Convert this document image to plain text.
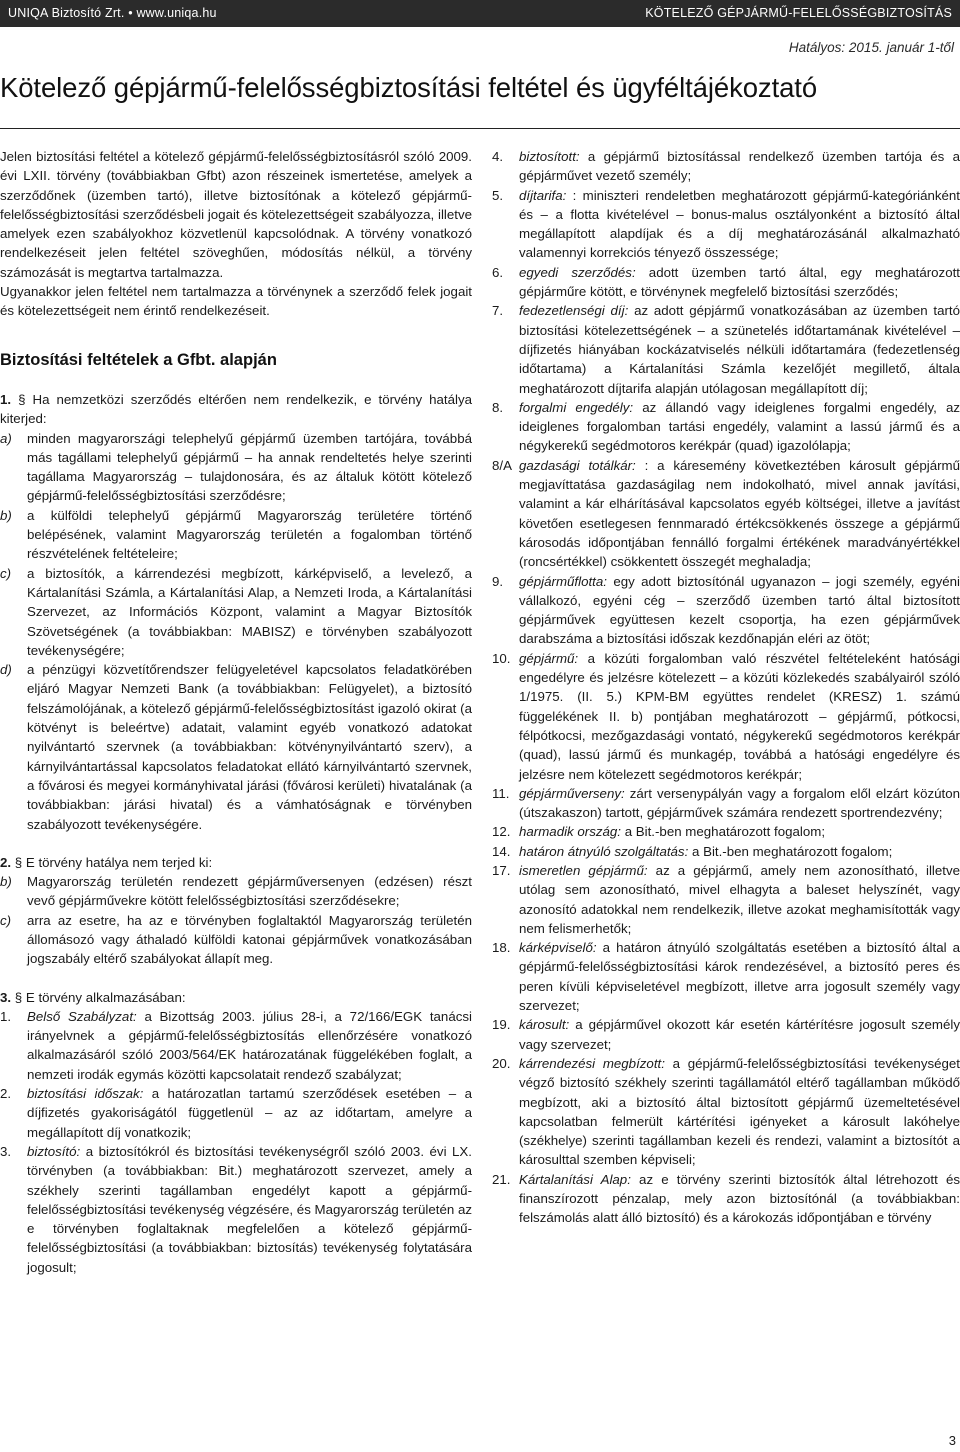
UNIQA Biztosító Zrt. • www.uniqa.hu	KÖTELEZŐ GÉPJÁRMŰ-FELELŐSSÉGBIZTOSÍTÁS
Hatályos: 2015. január 1-től
Kötelező gépjármű-felelősségbiztosítási feltétel és ügyféltájékoztató

Jelen biztosítási feltétel a kötelező gépjármű-felelősségbiztosításról szóló 2009. évi LXII. törvény (továbbiakban Gfbt) azon részeinek ismertetése, amelyek a szerződőnek (üzemben tartó), illetve biztosítónak a kötelező gépjármű-felelősségbiztosítási szerződésbeli jogait és kötelezettségeit szabályozza, illetve amelyek ezen szabályokhoz közvetlenül kapcsolódnak. A törvény vonatkozó rendelkezéseit jelen feltétel szöveghűen, módosítás nélkül, a törvény számozását is megtartva tartalmazza.

Ugyanakkor jelen feltétel nem tartalmazza a törvénynek a szerződő felek jogait és kötelezettségeit nem érintő rendelkezéseit.

Biztosítási feltételek a Gfbt. alapján

1. § Ha nemzetközi szerződés eltérően nem rendelkezik, e törvény hatálya kiterjed:

a)	minden magyarországi telephelyű gépjármű üzemben tartójára, továbbá más tagállami telephelyű gépjármű – ha annak rendeltetés helye szerinti tagállama Magyarország – tulajdonosára, és az általuk kötött kötelező gépjármű-felelősségbiztosítási szerződésre;
b)	a külföldi telephelyű gépjármű Magyarország területére történő belépésének, valamint Magyarország területén a fogalomban történő részvételének feltételeire;
c)	a biztosítók, a kárrendezési megbízott, kárképviselő, a levelező, a Kártalanítási Számla, a Kártalanítási Alap, a Nemzeti Iroda, a Kártalanítási Szervezet, az Információs Központ, valamint a Magyar Biztosítók Szövetségének (a továbbiakban: MABISZ) e törvényben szabályozott tevékenységére;
d)	a pénzügyi közvetítőrendszer felügyeletével kapcsolatos feladatkörében eljáró Magyar Nemzeti Bank (a továbbiakban: Felügyelet), a biztosító felszámolójának, a kötelező gépjármű-felelősségbiztosítást igazoló okirat (a kötvényt is beleértve) adatait, valamint egyéb vonatkozó adatokat nyilvántartó szervnek (a továbbiakban: kötvénynyilvántartó szerv), a kárnyilvántartással kapcsolatos feladatokat ellátó kárnyilvántartó szervnek, a fővárosi és megyei kormányhivatal járási (fővárosi kerületi) hivatalának (a továbbiakban: járási hivatal) és a vámhatóságnak e törvényben szabályozott tevékenységére.

2. § E törvény hatálya nem terjed ki:

b)	Magyarország területén rendezett gépjárműversenyen (edzésen) részt vevő gépjárművekre kötött felelősségbiztosítási szerződésekre;
c)	arra az esetre, ha az e törvényben foglaltaktól Magyarország területén állomásozó vagy áthaladó külföldi katonai gépjárművek vonatkozásában jogszabály eltérő szabályokat állapít meg.

3. § E törvény alkalmazásában:

1.	Belső Szabályzat: a Bizottság 2003. július 28-i, a 72/166/EGK tanácsi irányelvnek a gépjármű-felelősségbiztosítás ellenőrzésére vonatkozó alkalmazásáról szóló 2003/564/EK határozatának függelékében foglalt, a nemzeti irodák egymás közötti kapcsolatait rendező szabályzat;
2.	biztosítási időszak: a határozatlan tartamú szerződések esetében – a díjfizetés gyakoriságától függetlenül – az az időtartam, amelyre a megállapított díj vonatkozik;
3.	biztosító: a biztosítókról és biztosítási tevékenységről szóló 2003. évi LX. törvényben (a továbbiakban: Bit.) meghatározott szervezet, amely a székhely szerinti tagállamban engedélyt kapott a gépjármű-felelősségbiztosítási tevékenység végzésére, és Magyarország területén az e törvényben foglaltaknak megfelelően a kötelező gépjármű-felelősségbiztosítási (a továbbiakban: biztosítás) tevékenység folytatására jogosult;
4.	biztosított: a gépjármű biztosítással rendelkező üzemben tartója és a gépjárművet vezető személy;
5.	díjtarifa: : miniszteri rendeletben meghatározott gépjármű-kategóriánként és – a flotta kivételével – bonus-malus osztályonként a biztosító által megállapított alapdíjak és a díj meghatározásánál alkalmazható valamennyi korrekciós tényező összessége;
6.	egyedi szerződés: adott üzemben tartó által, egy meghatározott gépjárműre kötött, e törvénynek megfelelő biztosítási szerződés;
7.	fedezetlenségi díj: az adott gépjármű vonatkozásában az üzemben tartó biztosítási kötelezettségének – a szünetelés időtartamának kivételével – díjfizetés hiányában kockázatviselés nélküli időtartamára (fedezetlenség időtartama) a Kártalanítási Számla kezelőjét megillető, általa meghatározott díjtarifa alapján utólagosan megállapított díj;
8.	forgalmi engedély: az állandó vagy ideiglenes forgalmi engedély, az ideiglenes forgalomban tartási engedély, valamint a lassú jármű és a négykerekű segédmotoros kerékpár (quad) igazolólapja;
8/A gazdasági totálkár: : a káresemény következtében károsult gépjármű megjavíttatása gazdaságilag nem indokolható, mivel annak javítási, valamint a kár elhárításával kapcsolatos egyéb költségei, illetve a javítást követően esetlegesen fennmaradó értékcsökkenés összege a gépjármű károsodás időpontjában fennálló forgalmi értékének maradványértékkel (roncsértékkel) csökkentett összegét meghaladja;
9.	gépjárműflotta: egy adott biztosítónál ugyanazon – jogi személy, egyéni vállalkozó, egyéni cég – szerződő üzemben tartó által biztosított gépjárművek együttesen kezelt csoportja, ha ezen gépjárművek darabszáma a biztosítási időszak kezdőnapján eléri az ötöt;
10. gépjármű: a közúti forgalomban való részvétel feltételeként hatósági engedélyre és jelzésre kötelezett – a közúti közlekedés szabályairól szóló 1/1975. (II. 5.) KPM-BM együttes rendelet (KRESZ) 1. számú függelékének II. b) pontjában meghatározott – gépjármű, pótkocsi, félpótkocsi, mezőgazdasági vontató, négykerekű segédmotoros kerékpár (quad), lassú jármű és munkagép, továbbá a hatósági engedélyre és jelzésre nem kötelezett segédmotoros kerékpár;
11. gépjárműverseny: zárt versenypályán vagy a forgalom elől elzárt közúton (útszakaszon) tartott, gépjárművek számára rendezett sportrendezvény;
12. harmadik ország: a Bit.-ben meghatározott fogalom;
14. határon átnyúló szolgáltatás: a Bit.-ben meghatározott fogalom;
17. ismeretlen gépjármű: az a gépjármű, amely nem azonosítható, illetve utólag sem azonosítható, mivel elhagyta a baleset helyszínét, vagy azonosító adatokkal nem rendelkezik, illetve azokat meghamisították vagy nem felismerhetők;
18. kárképviselő: a határon átnyúló szolgáltatás esetében a biztosító által a gépjármű-felelősségbiztosítási károk rendezésével, a biztosító peres és peren kívüli képviseletével megbízott, illetve arra jogosult személy vagy szervezet;
19. károsult: a gépjárművel okozott kár esetén kártérítésre jogosult személy vagy szervezet;
20. kárrendezési megbízott: a gépjármű-felelősségbiztosítási tevékenységet végző biztosító székhely szerinti tagállamától eltérő tagállamban működő megbízott, aki a biztosító által biztosított gépjármű üzemeltetésével kapcsolatban felmerült kártérítési igényeket a károsult lakóhelye (székhelye) szerinti tagállamban kezeli és rendezi, valamint a biztosítót a károsulttal szemben képviseli;
21. Kártalanítási Alap: az e törvény szerinti biztosítók által létrehozott és finanszírozott pénzalap, mely azon biztosítónál (a továbbiakban: felszámolás alatt álló biztosító) és a károkozás időpontjában e törvény
3
